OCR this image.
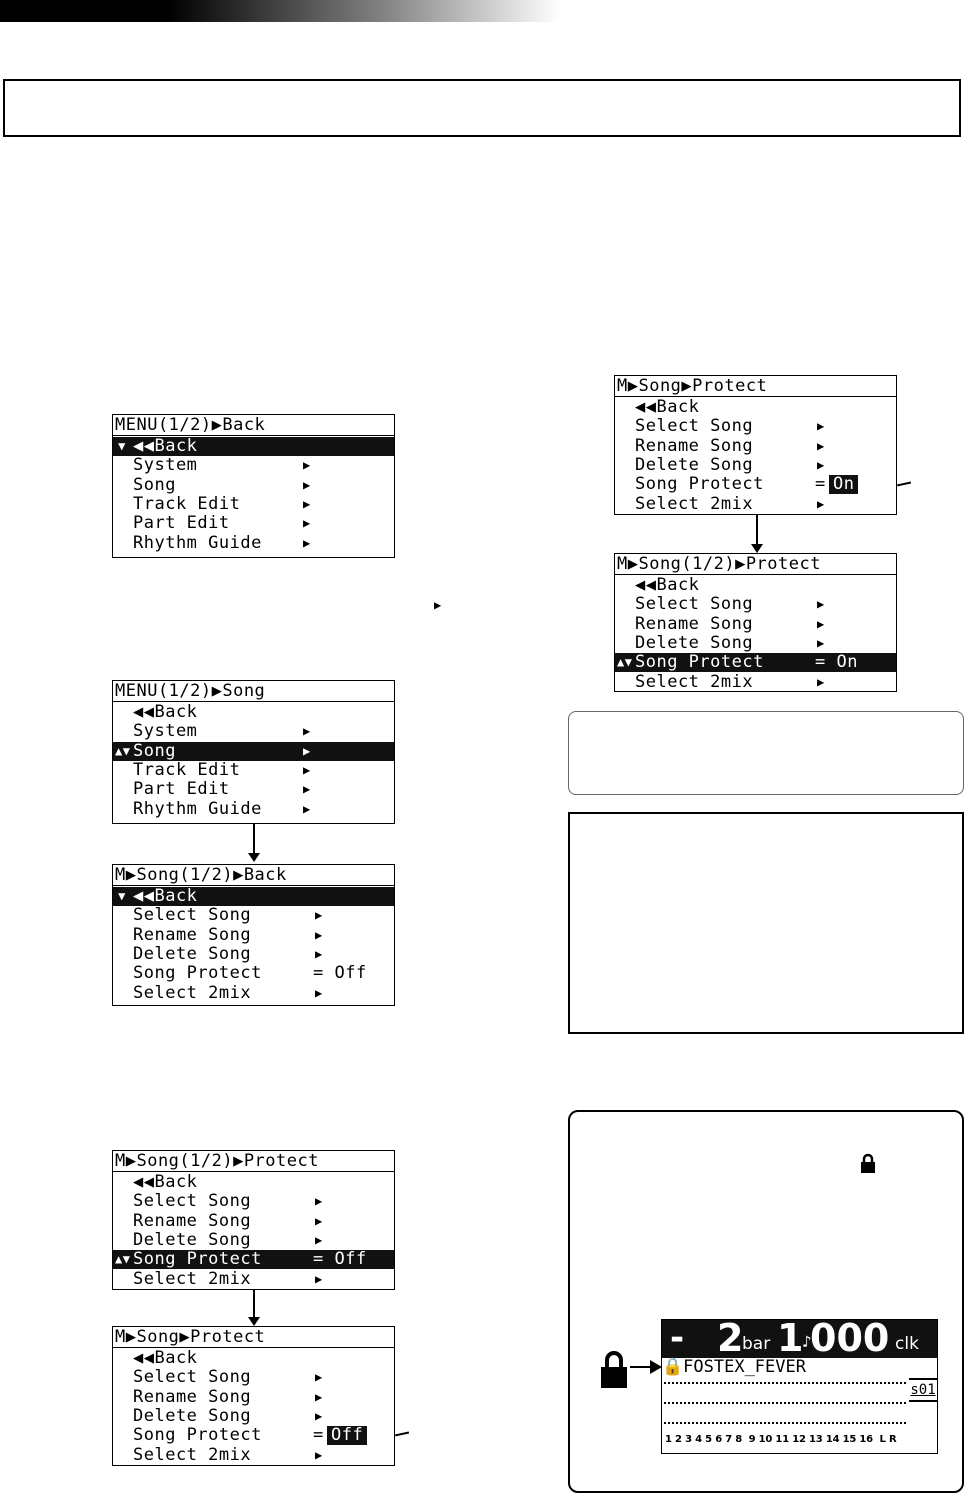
MENU(1/2)▶Back
▼ ◀◀Back
System	▶
Song	▶
Track Edit	▶
Part Edit	▶
Rhythm Guide	▶
MENU(1/2)▶Song
◀◀Back
System	▶
▲▼ Song	▶
Track Edit	▶
Part Edit	▶
Rhythm Guide	▶
M▶Song(1/2)▶Back
▼ ◀◀Back
Select Song	▶
Rename Song	▶
Delete Song	▶
Song Protect	= Off
Select 2mix	▶
M▶Song(1/2)▶Protect
◀◀Back
Select Song	▶
Rename Song	▶
Delete Song	▶
▲▼ Song Protect	= Off
Select 2mix	▶
M▶Song▶Protect
◀◀Back
Select Song	▶
Rename Song	▶
Delete Song	▶
Song Protect	= Off
Select 2mix	▶
M▶Song▶Protect
◀◀Back
Select Song	▶
Rename Song	▶
Delete Song	▶
Song Protect	= On
Select 2mix	▶
M▶Song(1/2)▶Protect
◀◀Back
Select Song	▶
Rename Song	▶
Delete Song	▶
▲▼ Song Protect	= On
Select 2mix	▶
▶
- 2
bar 1
♪
000 clk
🔒FOSTEX_FEVER
s01
1 2 3 4 5 6 7 8  9 10 11 12 13 14 15 16  L R
